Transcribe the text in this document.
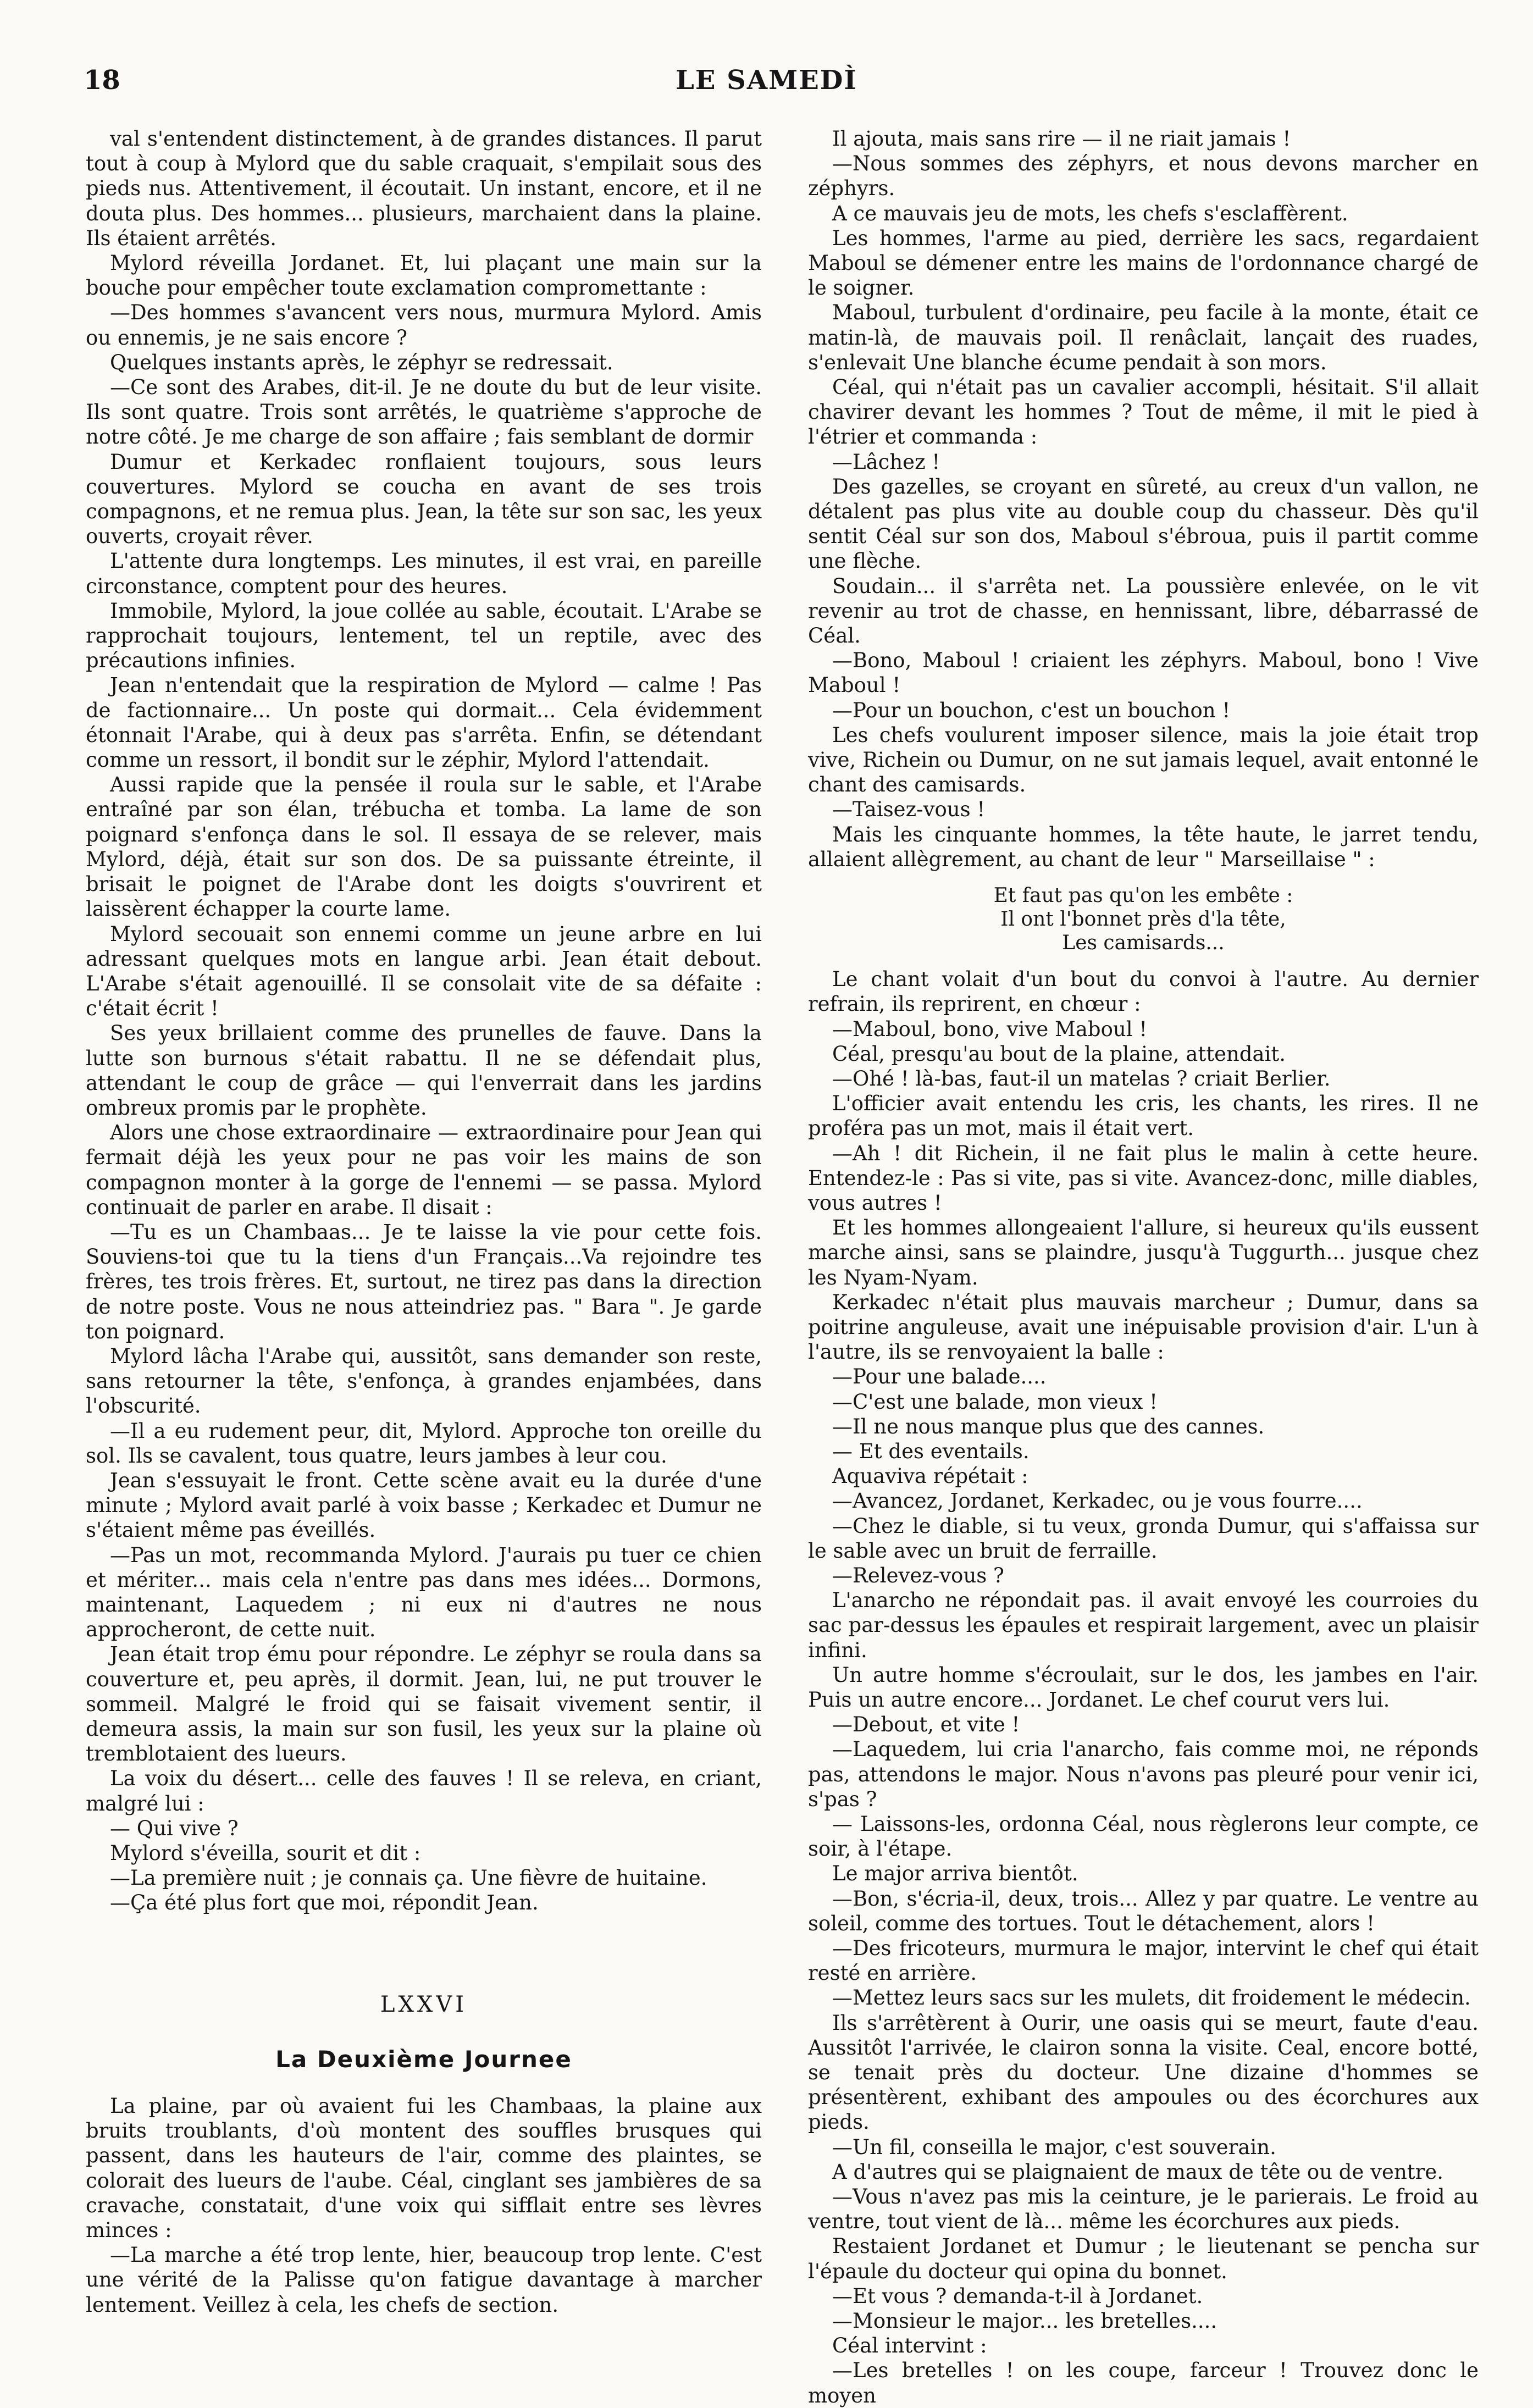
18	LE SAMEDÌ

val s'entendent distinctement, à de grandes distances. Il parut tout à coup à Mylord que du sable craquait, s'empilait sous des pieds nus. Attentivement, il écoutait. Un instant, encore, et il ne douta plus. Des hommes... plusieurs, marchaient dans la plaine. Ils étaient arrêtés.

Mylord réveilla Jordanet. Et, lui plaçant une main sur la bouche pour empêcher toute exclamation compromettante :

—Des hommes s'avancent vers nous, murmura Mylord. Amis ou ennemis, je ne sais encore ?

Quelques instants après, le zéphyr se redressait.

—Ce sont des Arabes, dit-il. Je ne doute du but de leur visite. Ils sont quatre. Trois sont arrêtés, le quatrième s'approche de notre côté. Je me charge de son affaire ; fais semblant de dormir

Dumur et Kerkadec ronflaient toujours, sous leurs couvertures. Mylord se coucha en avant de ses trois compagnons, et ne remua plus. Jean, la tête sur son sac, les yeux ouverts, croyait rêver.

L'attente dura longtemps. Les minutes, il est vrai, en pareille circonstance, comptent pour des heures.

Immobile, Mylord, la joue collée au sable, écoutait. L'Arabe se rapprochait toujours, lentement, tel un reptile, avec des précautions infinies.

Jean n'entendait que la respiration de Mylord — calme ! Pas de factionnaire... Un poste qui dormait... Cela évidemment étonnait l'Arabe, qui à deux pas s'arrêta. Enfin, se détendant comme un ressort, il bondit sur le zéphir, Mylord l'attendait.

Aussi rapide que la pensée il roula sur le sable, et l'Arabe entraîné par son élan, trébucha et tomba. La lame de son poignard s'enfonça dans le sol. Il essaya de se relever, mais Mylord, déjà, était sur son dos. De sa puissante étreinte, il brisait le poignet de l'Arabe dont les doigts s'ouvrirent et laissèrent échapper la courte lame.

Mylord secouait son ennemi comme un jeune arbre en lui adressant quelques mots en langue arbi. Jean était debout. L'Arabe s'était agenouillé. Il se consolait vite de sa défaite : c'était écrit !

Ses yeux brillaient comme des prunelles de fauve. Dans la lutte son burnous s'était rabattu. Il ne se défendait plus, attendant le coup de grâce — qui l'enverrait dans les jardins ombreux promis par le prophète.

Alors une chose extraordinaire — extraordinaire pour Jean qui fermait déjà les yeux pour ne pas voir les mains de son compagnon monter à la gorge de l'ennemi — se passa. Mylord continuait de parler en arabe. Il disait :

—Tu es un Chambaas... Je te laisse la vie pour cette fois. Souviens-toi que tu la tiens d'un Français...Va rejoindre tes frères, tes trois frères. Et, surtout, ne tirez pas dans la direction de notre poste. Vous ne nous atteindriez pas. " Bara ". Je garde ton poignard.

Mylord lâcha l'Arabe qui, aussitôt, sans demander son reste, sans retourner la tête, s'enfonça, à grandes enjambées, dans l'obscurité.

—Il a eu rudement peur, dit, Mylord. Approche ton oreille du sol. Ils se cavalent, tous quatre, leurs jambes à leur cou.

Jean s'essuyait le front. Cette scène avait eu la durée d'une minute ; Mylord avait parlé à voix basse ; Kerkadec et Dumur ne s'étaient même pas éveillés.

—Pas un mot, recommanda Mylord. J'aurais pu tuer ce chien et mériter... mais cela n'entre pas dans mes idées... Dormons, maintenant, Laquedem ; ni eux ni d'autres ne nous approcheront, de cette nuit.

Jean était trop ému pour répondre. Le zéphyr se roula dans sa couverture et, peu après, il dormit. Jean, lui, ne put trouver le sommeil. Malgré le froid qui se faisait vivement sentir, il demeura assis, la main sur son fusil, les yeux sur la plaine où tremblotaient des lueurs.

La voix du désert... celle des fauves ! Il se releva, en criant, malgré lui :

— Qui vive ?

Mylord s'éveilla, sourit et dit :

—La première nuit ; je connais ça. Une fièvre de huitaine.

—Ça été plus fort que moi, répondit Jean.

LXXVI
La Deuxième Journee

La plaine, par où avaient fui les Chambaas, la plaine aux bruits troublants, d'où montent des souffles brusques qui passent, dans les hauteurs de l'air, comme des plaintes, se colorait des lueurs de l'aube. Céal, cinglant ses jambières de sa cravache, constatait, d'une voix qui sifflait entre ses lèvres minces :

—La marche a été trop lente, hier, beaucoup trop lente. C'est une vérité de la Palisse qu'on fatigue davantage à marcher lentement. Veillez à cela, les chefs de section.

Il ajouta, mais sans rire — il ne riait jamais !

—Nous sommes des zéphyrs, et nous devons marcher en zéphyrs.

A ce mauvais jeu de mots, les chefs s'esclaffèrent.

Les hommes, l'arme au pied, derrière les sacs, regardaient Maboul se démener entre les mains de l'ordonnance chargé de le soigner.

Maboul, turbulent d'ordinaire, peu facile à la monte, était ce matin-là, de mauvais poil. Il renâclait, lançait des ruades, s'enlevait Une blanche écume pendait à son mors.

Céal, qui n'était pas un cavalier accompli, hésitait. S'il allait chavirer devant les hommes ? Tout de même, il mit le pied à l'étrier et commanda :

—Lâchez !

Des gazelles, se croyant en sûreté, au creux d'un vallon, ne détalent pas plus vite au double coup du chasseur. Dès qu'il sentit Céal sur son dos, Maboul s'ébroua, puis il partit comme une flèche.

Soudain... il s'arrêta net. La poussière enlevée, on le vit revenir au trot de chasse, en hennissant, libre, débarrassé de Céal.

—Bono, Maboul ! criaient les zéphyrs. Maboul, bono ! Vive Maboul !

—Pour un bouchon, c'est un bouchon !

Les chefs voulurent imposer silence, mais la joie était trop vive, Richein ou Dumur, on ne sut jamais lequel, avait entonné le chant des camisards.

—Taisez-vous !

Mais les cinquante hommes, la tête haute, le jarret tendu, allaient allègrement, au chant de leur " Marseillaise " :

Et faut pas qu'on les embête :
Il ont l'bonnet près d'la tête,
Les camisards...

Le chant volait d'un bout du convoi à l'autre. Au dernier refrain, ils reprirent, en chœur :

—Maboul, bono, vive Maboul !

Céal, presqu'au bout de la plaine, attendait.

—Ohé ! là-bas, faut-il un matelas ? criait Berlier.

L'officier avait entendu les cris, les chants, les rires. Il ne proféra pas un mot, mais il était vert.

—Ah ! dit Richein, il ne fait plus le malin à cette heure. Entendez-le : Pas si vite, pas si vite. Avancez-donc, mille diables, vous autres !

Et les hommes allongeaient l'allure, si heureux qu'ils eussent marche ainsi, sans se plaindre, jusqu'à Tuggurth... jusque chez les Nyam-Nyam.

Kerkadec n'était plus mauvais marcheur ; Dumur, dans sa poitrine anguleuse, avait une inépuisable provision d'air. L'un à l'autre, ils se renvoyaient la balle :

—Pour une balade....

—C'est une balade, mon vieux !

—Il ne nous manque plus que des cannes.

— Et des eventails.

Aquaviva répétait :

—Avancez, Jordanet, Kerkadec, ou je vous fourre....

—Chez le diable, si tu veux, gronda Dumur, qui s'affaissa sur le sable avec un bruit de ferraille.

—Relevez-vous ?

L'anarcho ne répondait pas. il avait envoyé les courroies du sac par-dessus les épaules et respirait largement, avec un plaisir infini.

Un autre homme s'écroulait, sur le dos, les jambes en l'air. Puis un autre encore... Jordanet. Le chef courut vers lui.

—Debout, et vite !

—Laquedem, lui cria l'anarcho, fais comme moi, ne réponds pas, attendons le major. Nous n'avons pas pleuré pour venir ici, s'pas ?

— Laissons-les, ordonna Céal, nous règlerons leur compte, ce soir, à l'étape.

Le major arriva bientôt.

—Bon, s'écria-il, deux, trois... Allez y par quatre. Le ventre au soleil, comme des tortues. Tout le détachement, alors !

—Des fricoteurs, murmura le major, intervint le chef qui était resté en arrière.

—Mettez leurs sacs sur les mulets, dit froidement le médecin.

Ils s'arrêtèrent à Ourir, une oasis qui se meurt, faute d'eau. Aussitôt l'arrivée, le clairon sonna la visite. Ceal, encore botté, se tenait près du docteur. Une dizaine d'hommes se présentèrent, exhibant des ampoules ou des écorchures aux pieds.

—Un fil, conseilla le major, c'est souverain.

A d'autres qui se plaignaient de maux de tête ou de ventre.

—Vous n'avez pas mis la ceinture, je le parierais. Le froid au ventre, tout vient de là... même les écorchures aux pieds.

Restaient Jordanet et Dumur ; le lieutenant se pencha sur l'épaule du docteur qui opina du bonnet.

—Et vous ? demanda-t-il à Jordanet.

—Monsieur le major... les bretelles....

Céal intervint :

—Les bretelles ! on les coupe, farceur ! Trouvez donc le moyen
